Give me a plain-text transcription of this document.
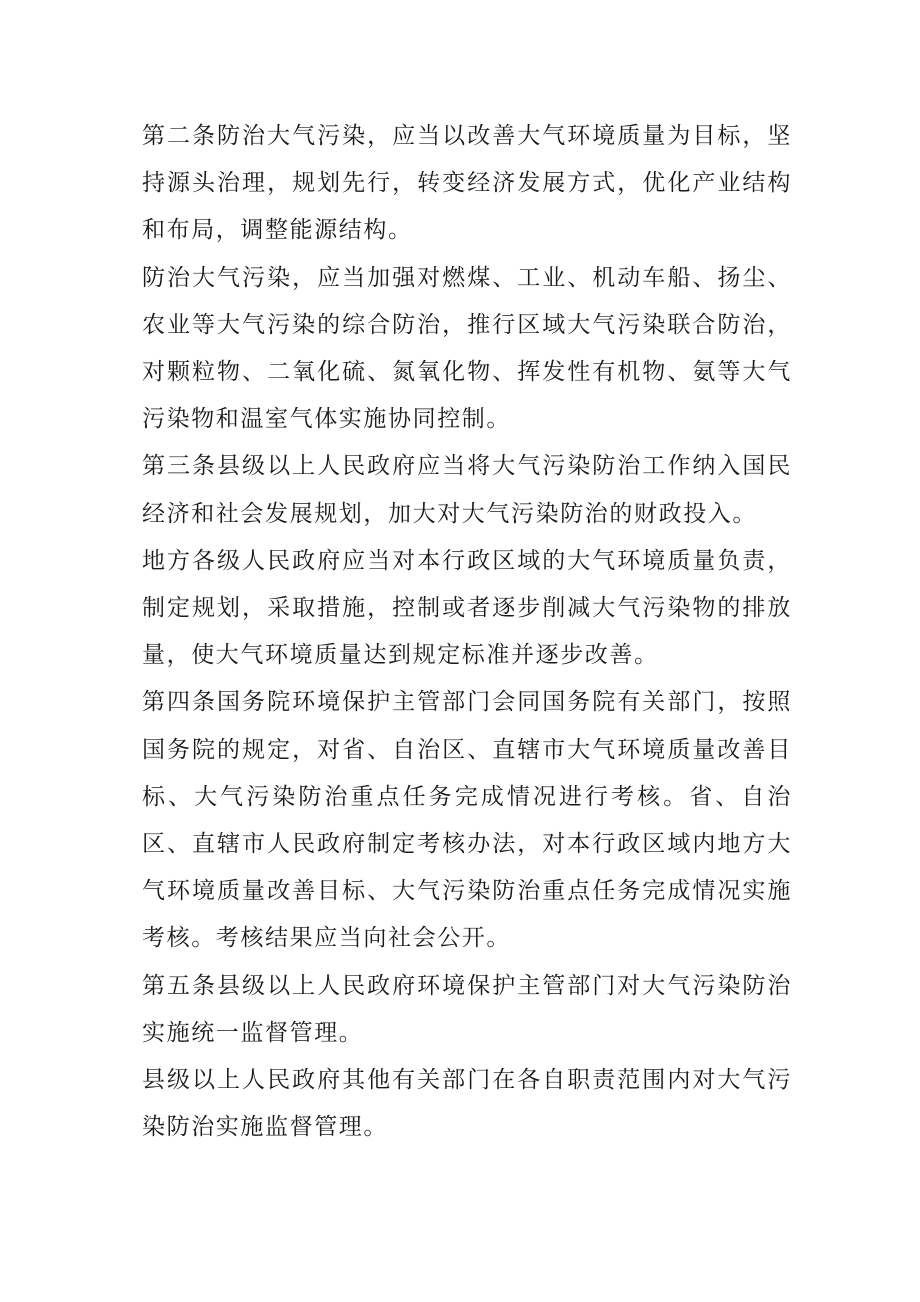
第二条防治大气污染，应当以改善大气环境质量为目标，坚持源头治理，规划先行，转变经济发展方式，优化产业结构和布局，调整能源结构。

防治大气污染，应当加强对燃煤、工业、机动车船、扬尘、农业等大气污染的综合防治，推行区域大气污染联合防治，对颗粒物、二氧化硫、氮氧化物、挥发性有机物、氨等大气污染物和温室气体实施协同控制。

第三条县级以上人民政府应当将大气污染防治工作纳入国民经济和社会发展规划，加大对大气污染防治的财政投入。

地方各级人民政府应当对本行政区域的大气环境质量负责，制定规划，采取措施，控制或者逐步削减大气污染物的排放量，使大气环境质量达到规定标准并逐步改善。

第四条国务院环境保护主管部门会同国务院有关部门，按照国务院的规定，对省、自治区、直辖市大气环境质量改善目标、大气污染防治重点任务完成情况进行考核。省、自治区、直辖市人民政府制定考核办法，对本行政区域内地方大气环境质量改善目标、大气污染防治重点任务完成情况实施考核。考核结果应当向社会公开。

第五条县级以上人民政府环境保护主管部门对大气污染防治实施统一监督管理。

县级以上人民政府其他有关部门在各自职责范围内对大气污染防治实施监督管理。
